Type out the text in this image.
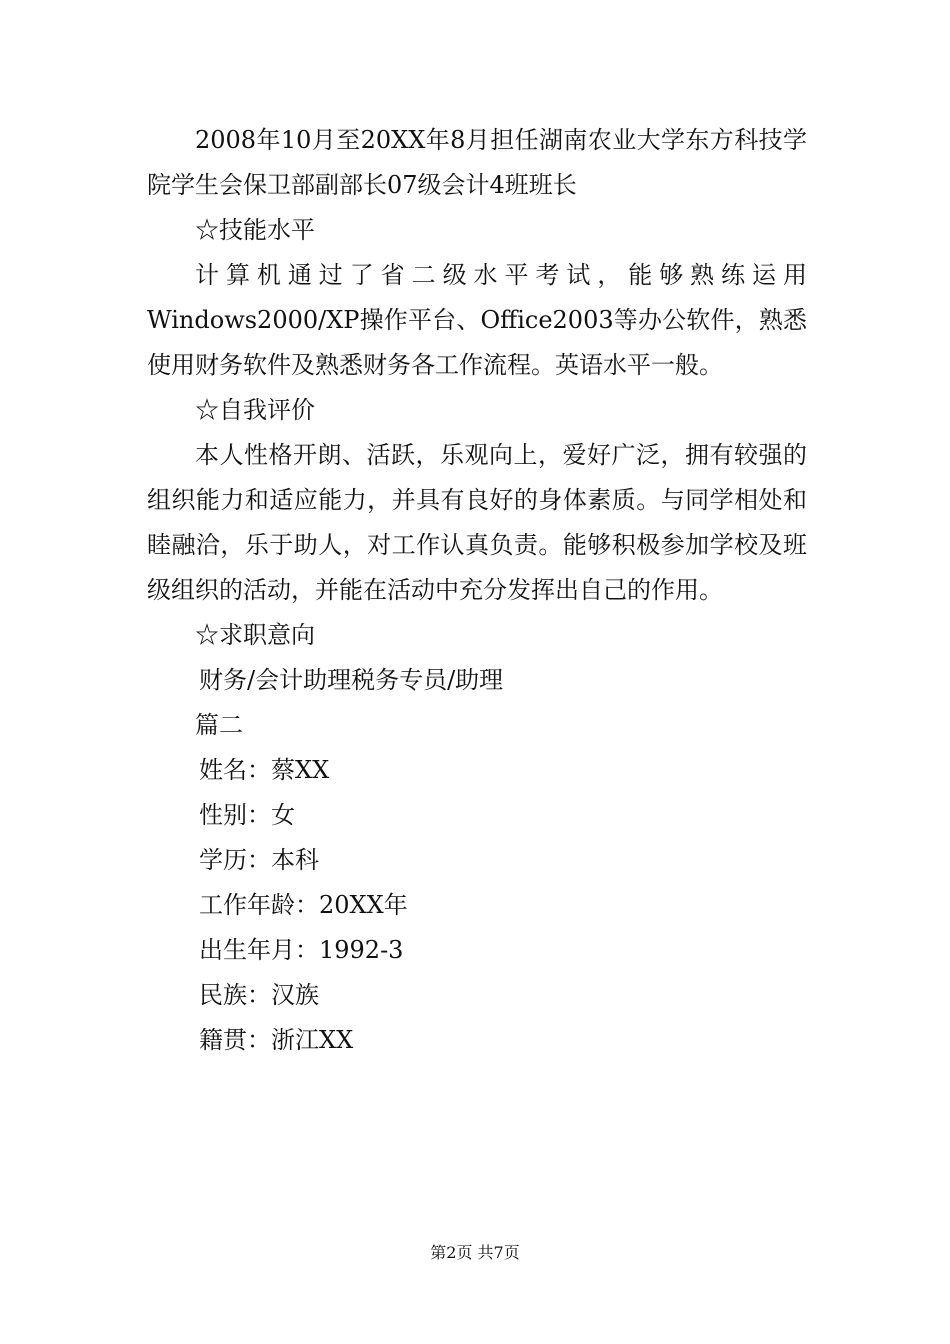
2008年10月至20XX年8月担任湖南农业大学东方科技学院学生会保卫部副部长07级会计4班班长

☆技能水平

计算机通过了省二级水平考试，能够熟练运用Windows2000/XP操作平台、Office2003等办公软件，熟悉使用财务软件及熟悉财务各工作流程。英语水平一般。

☆自我评价

本人性格开朗、活跃，乐观向上，爱好广泛，拥有较强的组织能力和适应能力，并具有良好的身体素质。与同学相处和睦融洽，乐于助人，对工作认真负责。能够积极参加学校及班级组织的活动，并能在活动中充分发挥出自己的作用。

☆求职意向

财务/会计助理税务专员/助理

篇二

姓名：蔡XX

性别：女

学历：本科

工作年龄：20XX年

出生年月：1992-3

民族：汉族

籍贯：浙江XX

第2页 共7页
